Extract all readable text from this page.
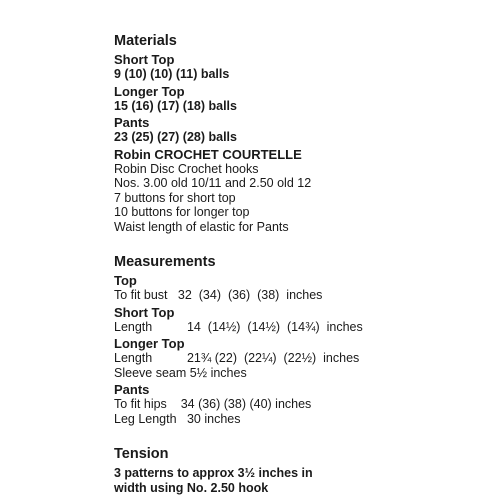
Materials
Short Top
9 (10) (10) (11) balls
Longer Top
15 (16) (17) (18) balls
Pants
23 (25) (27) (28) balls
Robin CROCHET COURTELLE
Robin Disc Crochet hooks
Nos. 3.00 old 10/11 and 2.50 old 12
7 buttons for short top
10 buttons for longer top
Waist length of elastic for Pants
Measurements
Top
To fit bust   32  (34)  (36)  (38)  inches
Short Top
Length          14  (14½)  (14½)  (14¾)  inches
Longer Top
Length          21¾ (22)  (22¼)  (22½)  inches
Sleeve seam 5½ inches
Pants
To fit hips    34 (36) (38) (40) inches
Leg Length   30 inches
Tension
3 patterns to approx 3½ inches in
width using No. 2.50 hook
